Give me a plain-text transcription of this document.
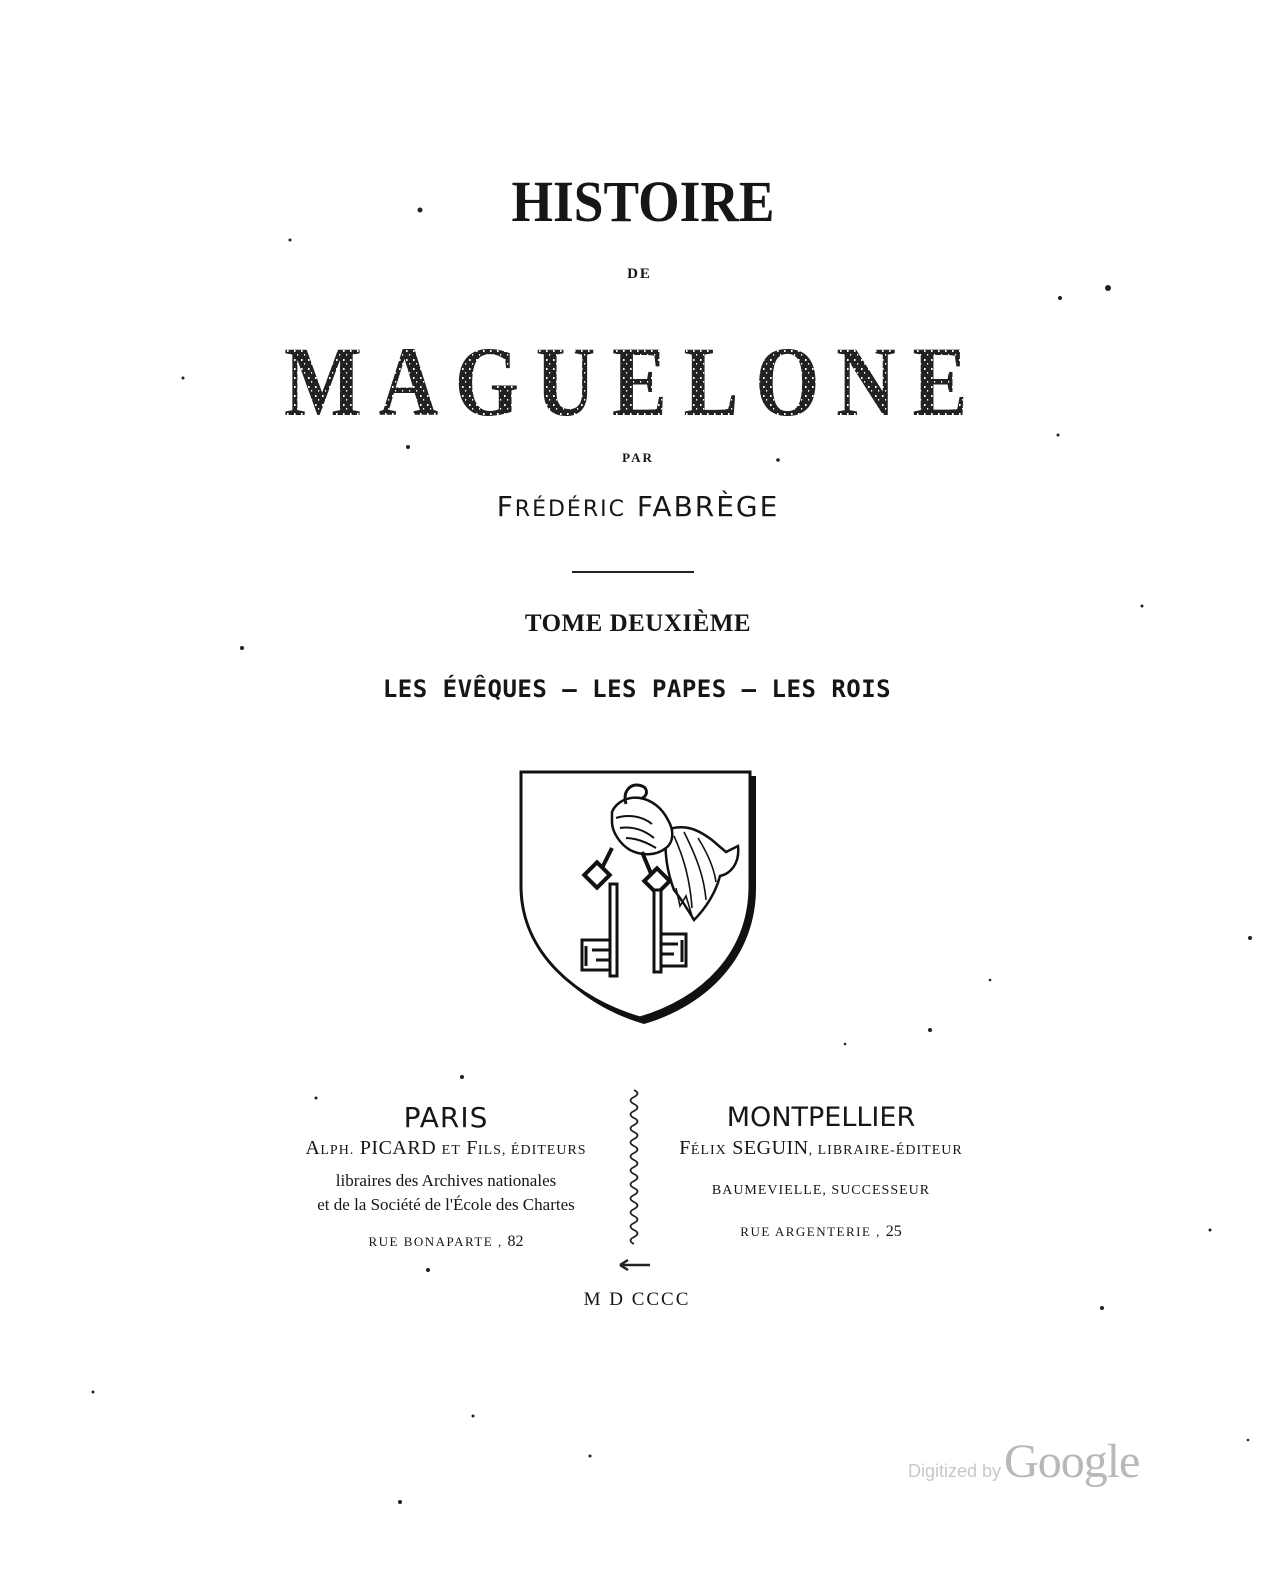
HISTOIRE
DE
PAR
FRÉDÉRIC FABRÈGE
TOME DEUXIÈME
LES ÉVÊQUES — LES PAPES — LES ROIS
PARIS
ALPH. PICARD ET FILS, ÉDITEURS
libraires des Archives nationales
et de la Société de l'École des Chartes
RUE BONAPARTE , 82
MONTPELLIER
FÉLIX SEGUIN, LIBRAIRE-ÉDITEUR
BAUMEVIELLE, SUCCESSEUR
RUE ARGENTERIE , 25
M D CCCC
Digitized byGoogle
